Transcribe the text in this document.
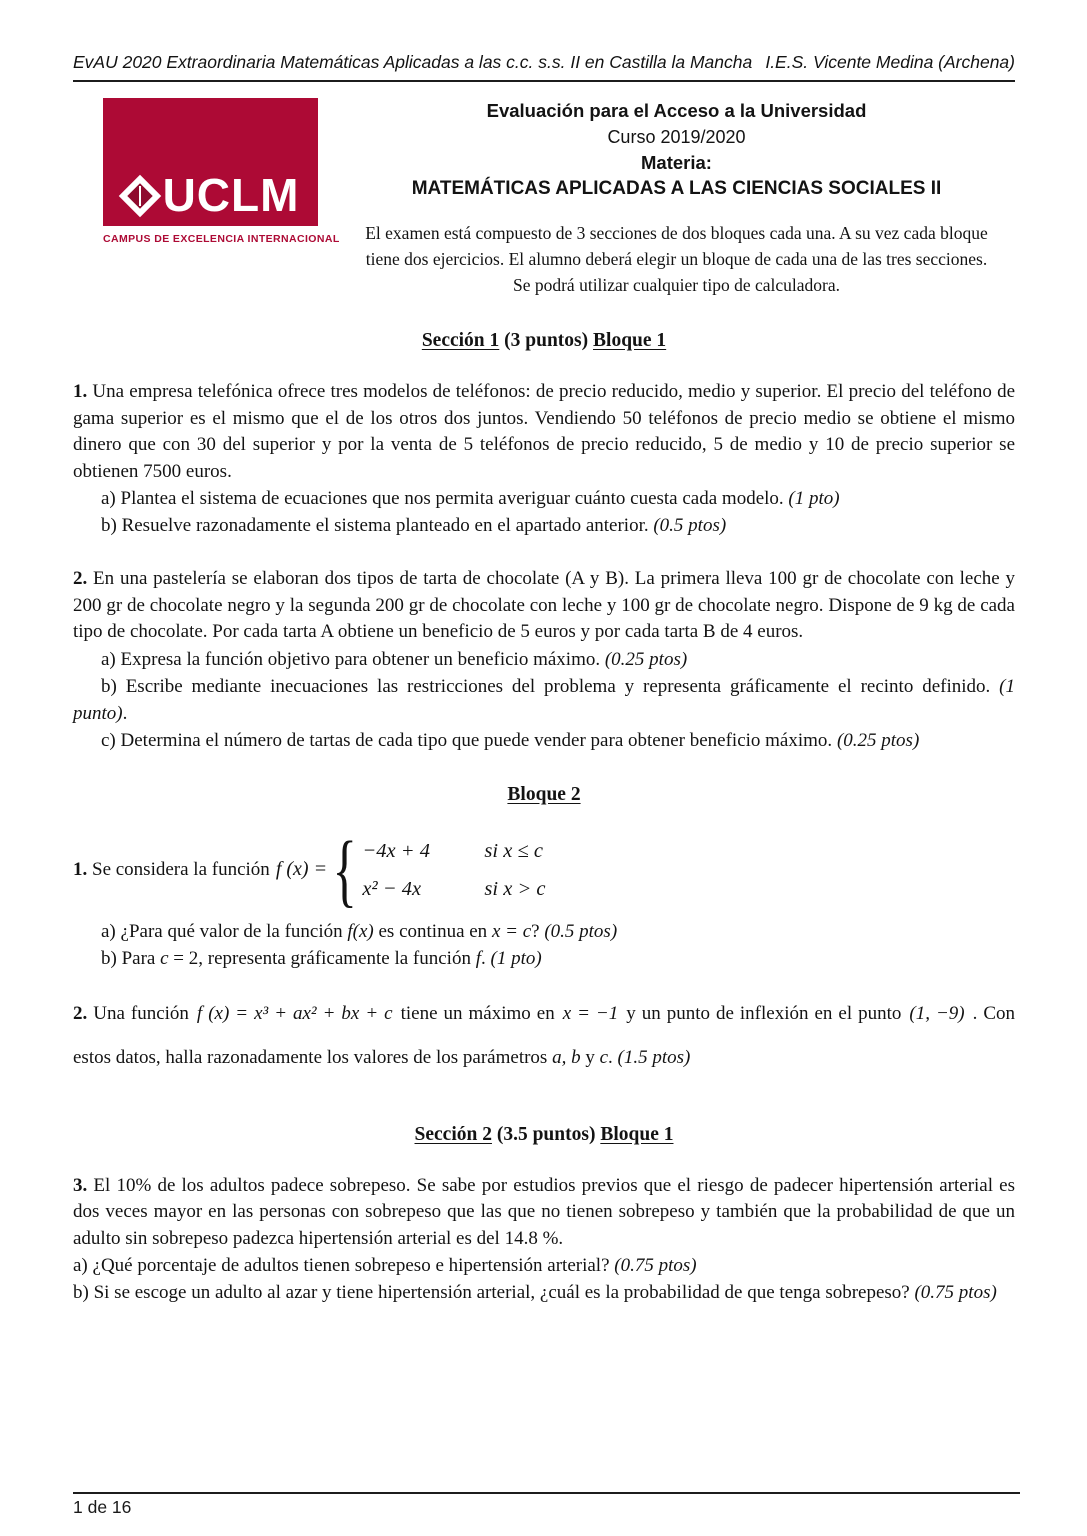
EvAU 2020 Extraordinaria Matemáticas Aplicadas a las c.c. s.s. II en Castilla la Mancha I.E.S. Vicente Medina (Archena)
UCLM
CAMPUS DE EXCELENCIA INTERNACIONAL
Evaluación para el Acceso a la Universidad
Curso 2019/2020
Materia:
MATEMÁTICAS APLICADAS A LAS CIENCIAS SOCIALES II

El examen está compuesto de 3 secciones de dos bloques cada una. A su vez cada bloque tiene dos ejercicios. El alumno deberá elegir un bloque de cada una de las tres secciones. Se podrá utilizar cualquier tipo de calculadora.

Sección 1 (3 puntos) Bloque 1

1. Una empresa telefónica ofrece tres modelos de teléfonos: de precio reducido, medio y superior. El precio del teléfono de gama superior es el mismo que el de los otros dos juntos. Vendiendo 50 teléfonos de precio medio se obtiene el mismo dinero que con 30 del superior y por la venta de 5 teléfonos de precio reducido, 5 de medio y 10 de precio superior se obtienen 7500 euros.

a) Plantea el sistema de ecuaciones que nos permita averiguar cuánto cuesta cada modelo. (1 pto)

b) Resuelve razonadamente el sistema planteado en el apartado anterior. (0.5 ptos)

2. En una pastelería se elaboran dos tipos de tarta de chocolate (A y B). La primera lleva 100 gr de chocolate con leche y 200 gr de chocolate negro y la segunda 200 gr de chocolate con leche y 100 gr de chocolate negro. Dispone de 9 kg de cada tipo de chocolate. Por cada tarta A obtiene un beneficio de 5 euros y por cada tarta B de 4 euros.

a) Expresa la función objetivo para obtener un beneficio máximo. (0.25 ptos)

b) Escribe mediante inecuaciones las restricciones del problema y representa gráficamente el recinto definido. (1 punto).

c) Determina el número de tartas de cada tipo que puede vender para obtener beneficio máximo. (0.25 ptos)

Bloque 2
1. Se considera la función f (x) = { −4x + 4	si x ≤ c
x² − 4x	si x > c

a) ¿Para qué valor de la función f(x) es continua en x = c? (0.5 ptos)

b) Para c = 2, representa gráficamente la función f. (1 pto)

2. Una función f (x) = x³ + ax² + bx + c tiene un máximo en x = −1 y un punto de inflexión en el punto (1, −9) . Con estos datos, halla razonadamente los valores de los parámetros a, b y c. (1.5 ptos)

Sección 2 (3.5 puntos) Bloque 1

3. El 10% de los adultos padece sobrepeso. Se sabe por estudios previos que el riesgo de padecer hipertensión arterial es dos veces mayor en las personas con sobrepeso que las que no tienen sobrepeso y también que la probabilidad de que un adulto sin sobrepeso padezca hipertensión arterial es del 14.8 %.

a) ¿Qué porcentaje de adultos tienen sobrepeso e hipertensión arterial? (0.75 ptos)

b) Si se escoge un adulto al azar y tiene hipertensión arterial, ¿cuál es la probabilidad de que tenga sobrepeso? (0.75 ptos)

1 de 16
